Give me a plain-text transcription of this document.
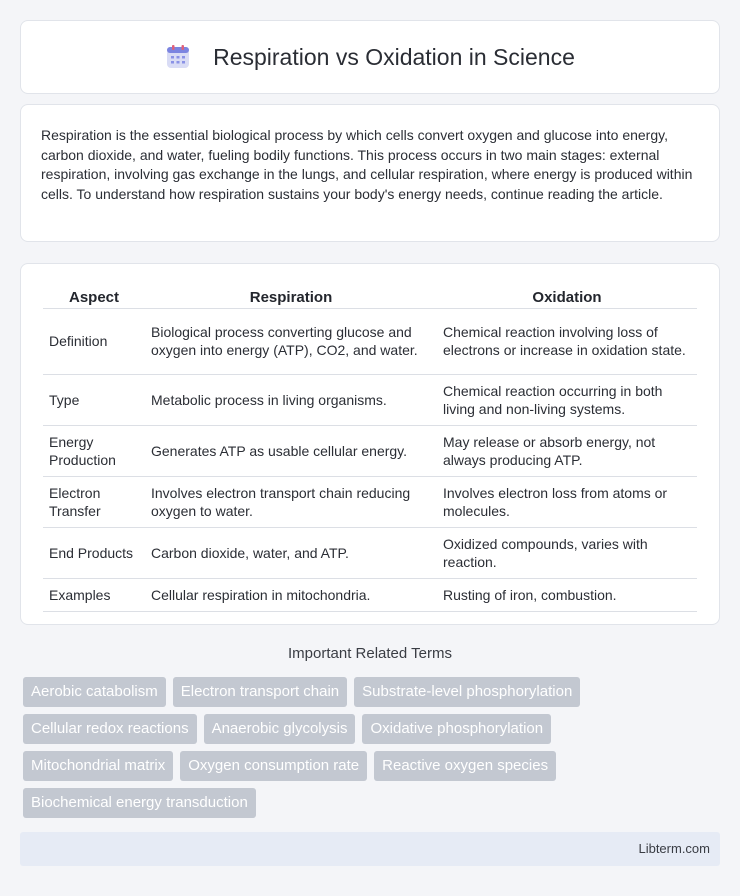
Respiration vs Oxidation in Science

Respiration is the essential biological process by which cells convert oxygen and glucose into energy, carbon dioxide, and water, fueling bodily functions. This process occurs in two main stages: external respiration, involving gas exchange in the lungs, and cellular respiration, where energy is produced within cells. To understand how respiration sustains your body's energy needs, continue reading the article.

Aspect	Respiration	Oxidation
Definition	Biological process converting glucose and oxygen into energy (ATP), CO2, and water.	Chemical reaction involving loss of electrons or increase in oxidation state.
Type	Metabolic process in living organisms.	Chemical reaction occurring in both living and non-living systems.
Energy Production	Generates ATP as usable cellular energy.	May release or absorb energy, not always producing ATP.
Electron Transfer	Involves electron transport chain reducing oxygen to water.	Involves electron loss from atoms or molecules.
End Products	Carbon dioxide, water, and ATP.	Oxidized compounds, varies with reaction.
Examples	Cellular respiration in mitochondria.	Rusting of iron, combustion.
Important Related Terms
Aerobic catabolism	Electron transport chain	Substrate-level phosphorylation
Cellular redox reactions	Anaerobic glycolysis	Oxidative phosphorylation
Mitochondrial matrix	Oxygen consumption rate	Reactive oxygen species
Biochemical energy transduction
Libterm.com
